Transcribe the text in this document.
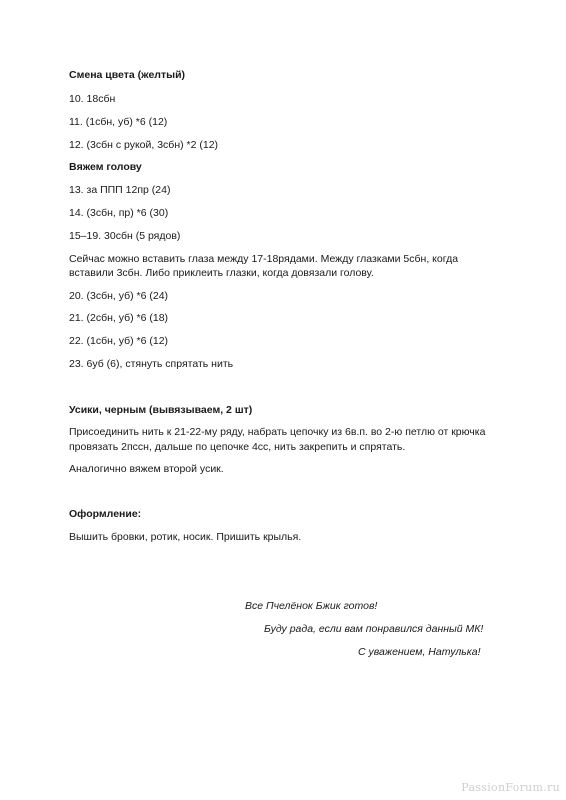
Смена цвета (желтый)
10. 18сбн
11. (1сбн, уб) *6 (12)
12. (3сбн с рукой, 3сбн) *2 (12)
Вяжем голову
13. за ППП 12пр (24)
14. (3сбн, пр) *6 (30)
15–19. 30сбн (5 рядов)
Сейчас можно вставить глаза между 17-18рядами. Между глазками 5сбн, когда
вставили 3сбн. Либо приклеить глазки, когда довязали голову.
20. (3сбн, уб) *6 (24)
21. (2сбн, уб) *6 (18)
22. (1сбн, уб) *6 (12)
23. 6уб (6), стянуть спрятать нить
Усики, черным (вывязываем, 2 шт)
Присоединить нить к 21-22-му ряду, набрать цепочку из 6в.п. во 2-ю петлю от крючка
провязать 2пссн, дальше по цепочке 4сс, нить закрепить и спрятать.
Аналогично вяжем второй усик.
Оформление:
Вышить бровки, ротик, носик. Пришить крылья.
Все Пчелёнок Бжик готов!
Буду рада, если вам понравился данный МК!
С уважением, Натулька!
PassionForum.ru
